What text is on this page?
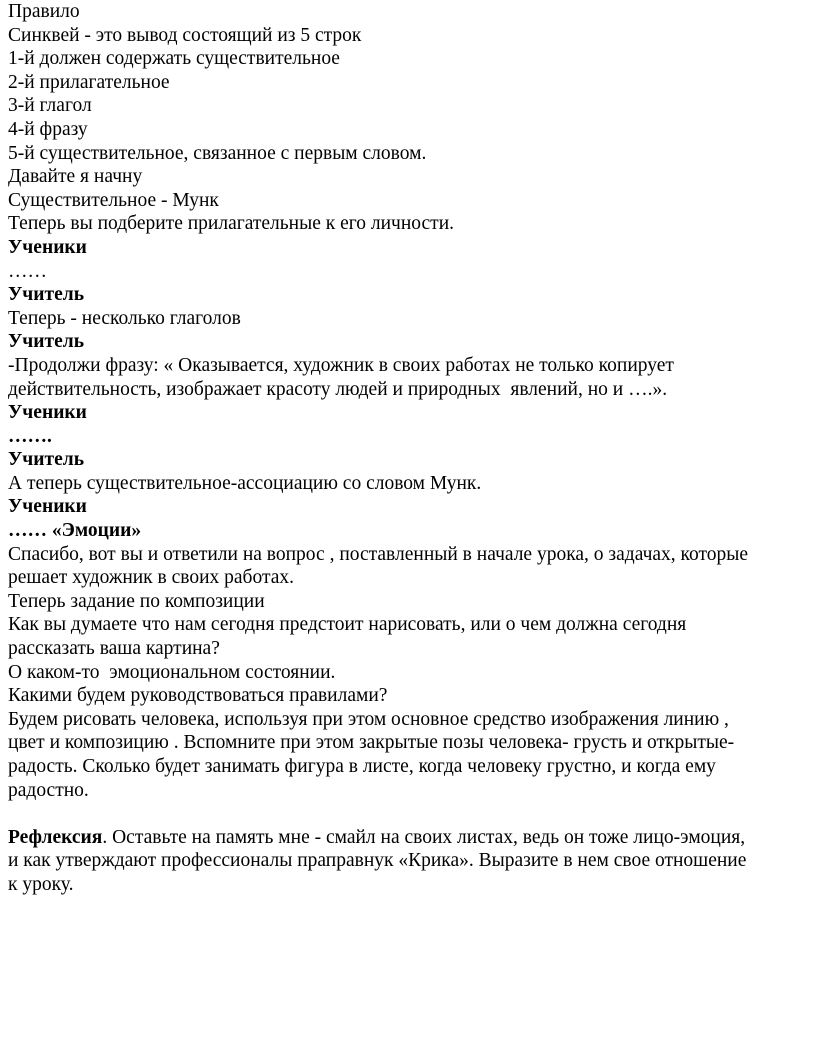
Правило
Синквей - это вывод состоящий из 5 строк
1-й должен содержать существительное
2-й прилагательное
3-й глагол
4-й фразу
5-й существительное, связанное с первым словом.
Давайте я начну
Существительное - Мунк
Теперь вы подберите прилагательные к его личности.
Ученики
……
Учитель
Теперь - несколько глаголов
Учитель
-Продолжи фразу: « Оказывается, художник в своих работах не только копирует
действительность, изображает красоту людей и природных  явлений, но и ….».
Ученики
…….
Учитель
А теперь существительное-ассоциацию со словом Мунк.
Ученики
…… «Эмоции»
Спасибо, вот вы и ответили на вопрос , поставленный в начале урока, о задачах, которые
решает художник в своих работах.
Теперь задание по композиции
Как вы думаете что нам сегодня предстоит нарисовать, или о чем должна сегодня
рассказать ваша картина?
О каком-то  эмоциональном состоянии.
Какими будем руководствоваться правилами?
Будем рисовать человека, используя при этом основное средство изображения линию ,
цвет и композицию . Вспомните при этом закрытые позы человека- грусть и открытые-
радость. Сколько будет занимать фигура в листе, когда человеку грустно, и когда ему
радостно.
Рефлексия. Оставьте на память мне - смайл на своих листах, ведь он тоже лицо-эмоция,
и как утверждают профессионалы праправнук «Крика». Выразите в нем свое отношение
к уроку.
